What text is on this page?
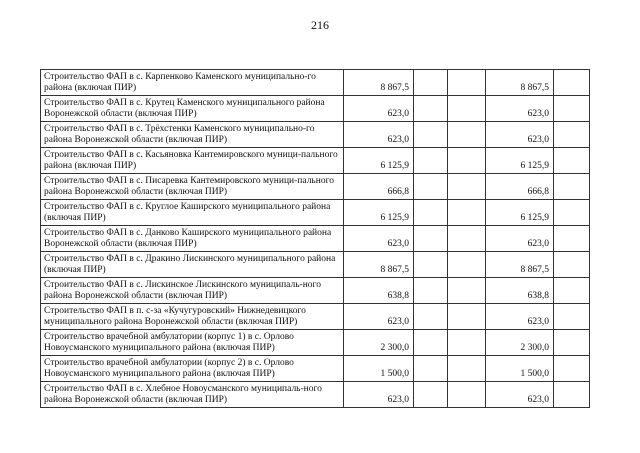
216
Строительство ФАП в с. Карпенково Каменского муниципально-го района (включая ПИР)	8 867,5			8 867,5	
Строительство ФАП в с. Крутец Каменского муниципального района Воронежской области (включая ПИР)	623,0			623,0	
Строительство ФАП в с. Трёхстенки Каменского муниципально-го района Воронежской области (включая ПИР)	623,0			623,0	
Строительство ФАП в с. Касьяновка Кантемировского муници-пального района (включая ПИР)	6 125,9			6 125,9	
Строительство ФАП в с. Писаревка Кантемировского муници-пального района Воронежской области (включая ПИР)	666,8			666,8	
Строительство ФАП в с. Круглое Каширского муниципального района (включая ПИР)	6 125,9			6 125,9	
Строительство ФАП в с. Данково Каширского муниципального района Воронежской области (включая ПИР)	623,0			623,0	
Строительство ФАП в с. Дракино Лискинского муниципального района (включая ПИР)	8 867,5			8 867,5	
Строительство ФАП в с. Лискинское Лискинского муниципаль-ного района Воронежской области (включая ПИР)	638,8			638,8	
Строительство ФАП в п. с-за «Кучугуровский» Нижнедевицкого муниципального района Воронежской области (включая ПИР)	623,0			623,0	
Строительство врачебной амбулатории (корпус 1) в с. Орлово Новоусманского муниципального района (включая ПИР)	2 300,0			2 300,0	
Строительство врачебной амбулатории (корпус 2) в с. Орлово Новоусманского муниципального района (включая ПИР)	1 500,0			1 500,0	
Строительство ФАП в с. Хлебное Новоусманского муниципаль-ного района Воронежской области (включая ПИР)	623,0			623,0	
